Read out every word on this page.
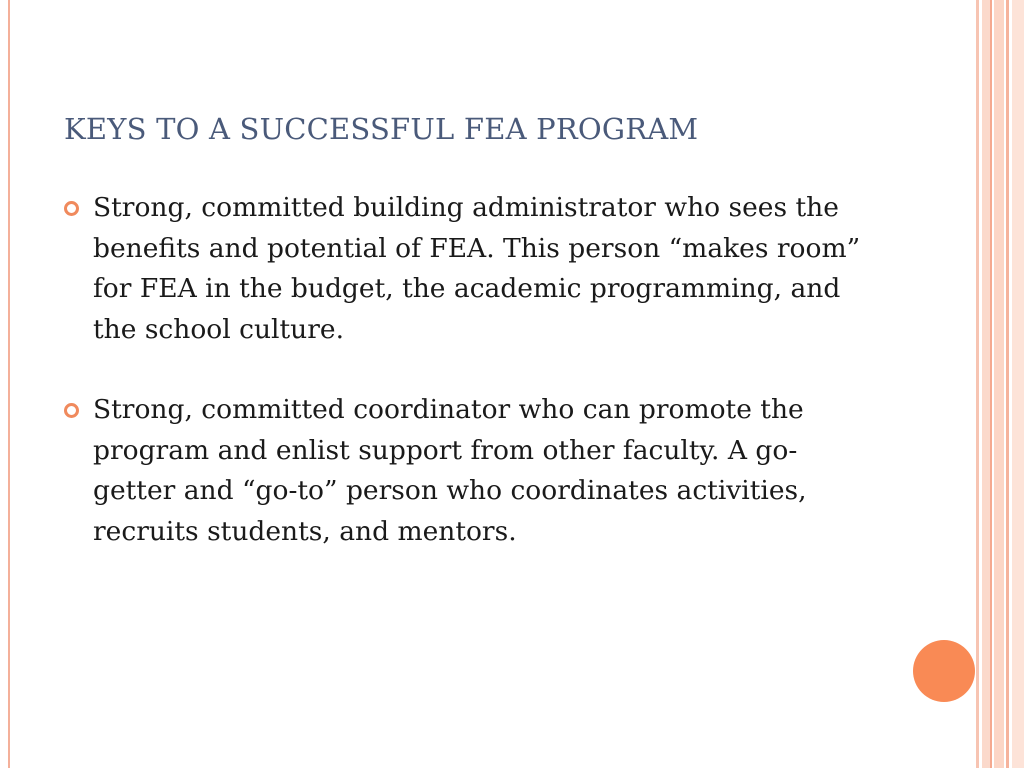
KEYS TO A SUCCESSFUL FEA PROGRAM
Strong, committed building administrator who sees the benefits and potential of FEA. This person “makes room” for FEA in the budget, the academic programming, and the school culture.
Strong, committed coordinator who can promote the program and enlist support from other faculty. A go-getter and “go-to” person who coordinates activities, recruits students, and mentors.
